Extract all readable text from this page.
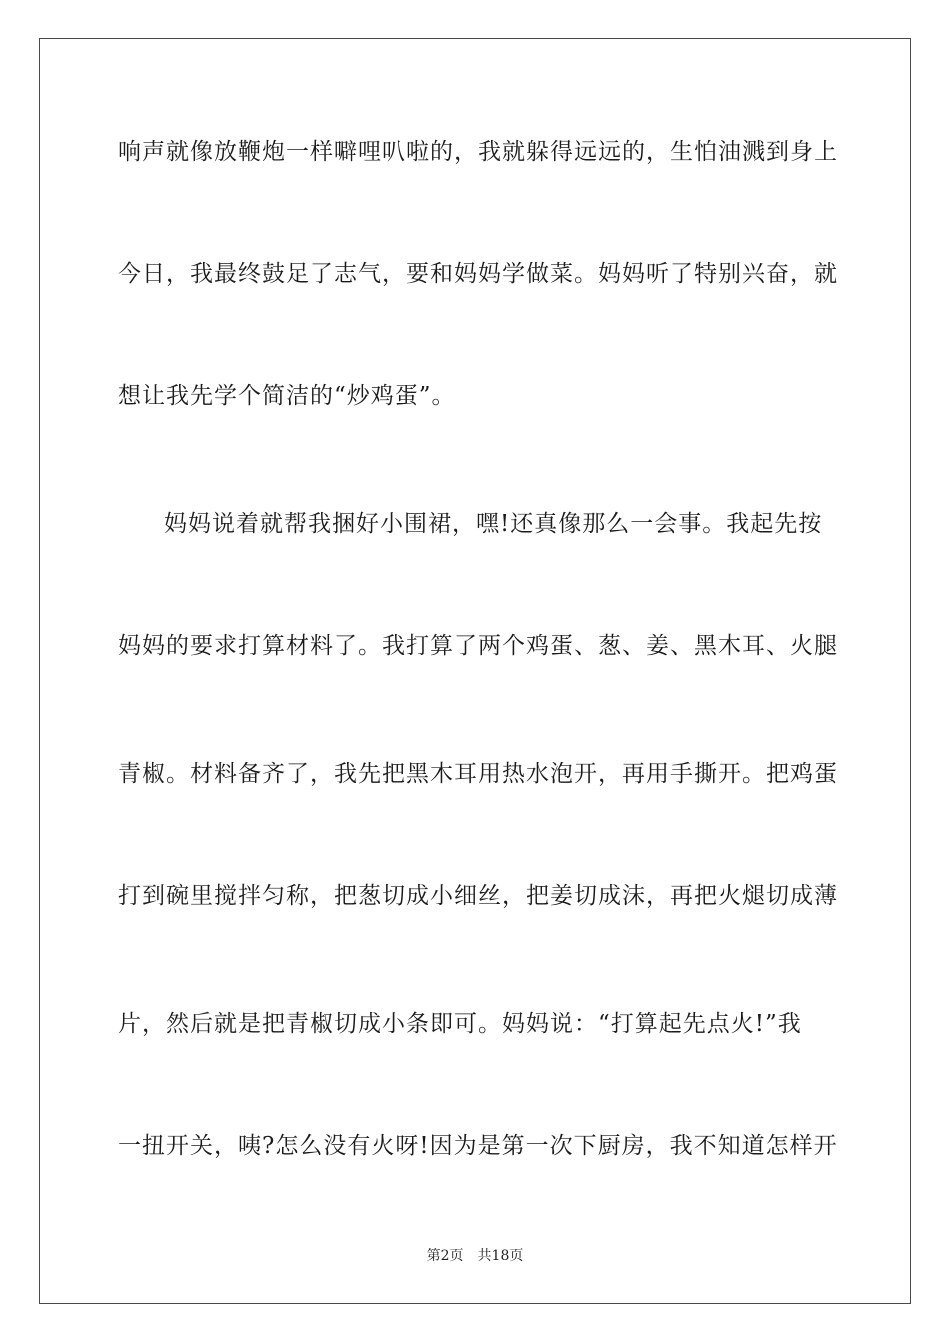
响声就像放鞭炮一样噼哩叭啦的，我就躲得远远的，生怕油溅到身上
今日，我最终鼓足了志气，要和妈妈学做菜。妈妈听了特别兴奋，就
想让我先学个简洁的“炒鸡蛋”。
妈妈说着就帮我捆好小围裙，嘿!还真像那么一会事。我起先按
妈妈的要求打算材料了。我打算了两个鸡蛋、葱、姜、黑木耳、火腿
青椒。材料备齐了，我先把黑木耳用热水泡开，再用手撕开。把鸡蛋
打到碗里搅拌匀称，把葱切成小细丝，把姜切成沫，再把火煺切成薄
片，然后就是把青椒切成小条即可。妈妈说：“打算起先点火!”我
一扭开关，咦?怎么没有火呀!因为是第一次下厨房，我不知道怎样开
第2页　共18页
